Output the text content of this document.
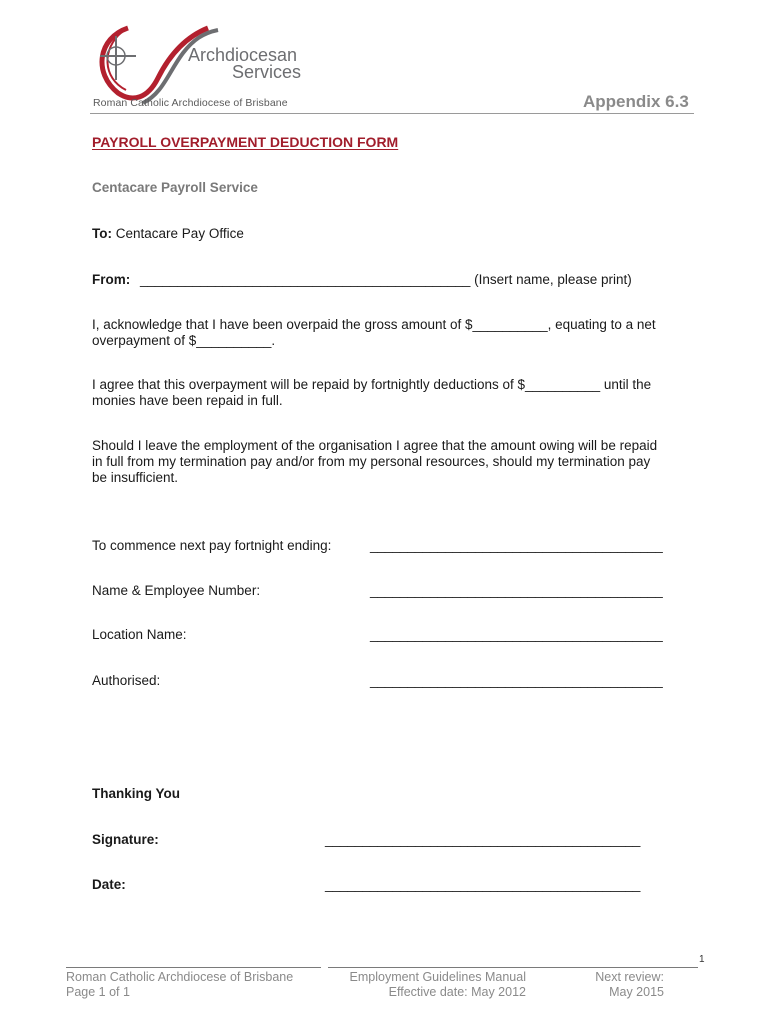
Archdiocesan
Services
Roman Catholic Archdiocese of Brisbane	Appendix 6.3
PAYROLL OVERPAYMENT DEDUCTION FORM
Centacare Payroll Service
To: Centacare Pay Office
From: ____________________________________________ (Insert name, please print)
I, acknowledge that I have been overpaid the gross amount of $__________, equating to a net
overpayment of $__________.
I agree that this overpayment will be repaid by fortnightly deductions of $__________ until the
monies have been repaid in full.
Should I leave the employment of the organisation I agree that the amount owing will be repaid
in full from my termination pay and/or from my personal resources, should my termination pay
be insufficient.
To commence next pay fortnight ending:	_______________________________________
Name & Employee Number:	_______________________________________
Location Name:	_______________________________________
Authorised:	_______________________________________
Thanking You
Signature:	__________________________________________
Date:	__________________________________________
1
Roman Catholic Archdiocese of Brisbane
Page 1 of 1
Employment Guidelines Manual
Effective date: May 2012
Next review:
May 2015
